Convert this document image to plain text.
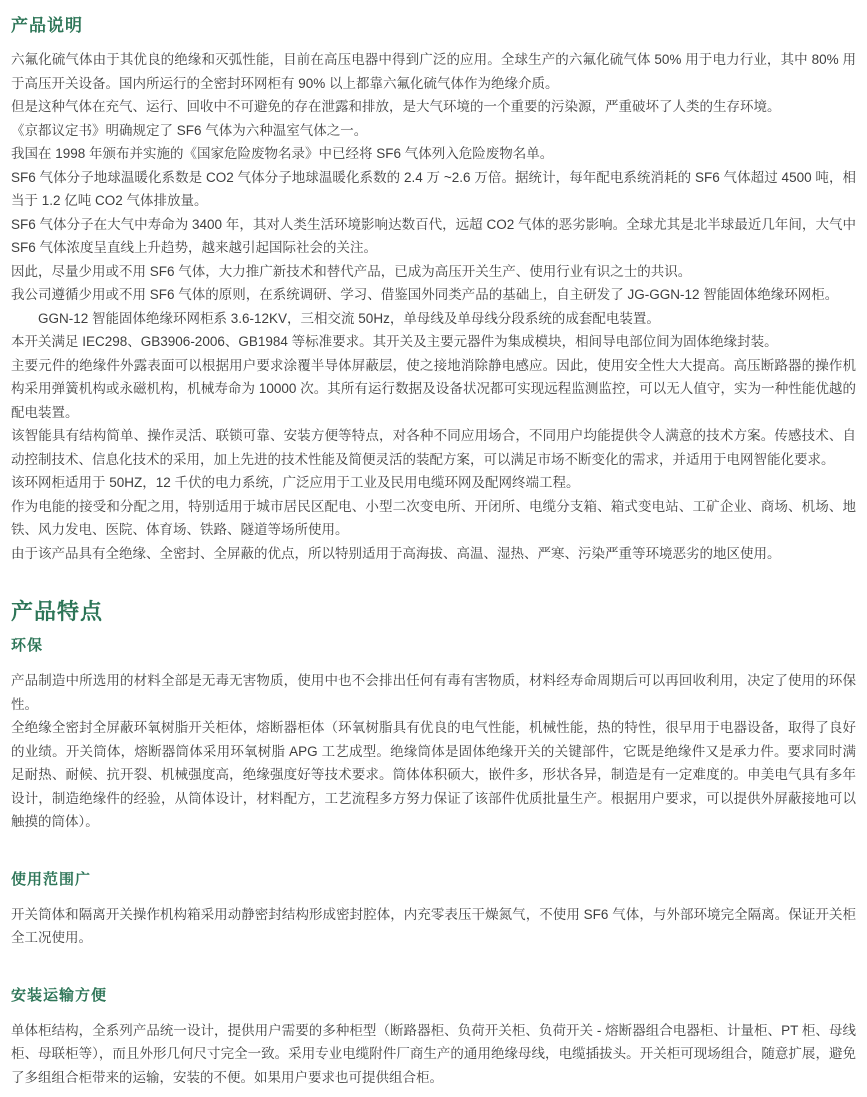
产品说明

六氟化硫气体由于其优良的绝缘和灭弧性能，目前在高压电器中得到广泛的应用。全球生产的六氟化硫气体 50% 用于电力行业，其中 80% 用于高压开关设备。国内所运行的全密封环网柜有 90% 以上都靠六氟化硫气体作为绝缘介质。

但是这种气体在充气、运行、回收中不可避免的存在泄露和排放，是大气环境的一个重要的污染源，严重破坏了人类的生存环境。

《京都议定书》明确规定了 SF6 气体为六种温室气体之一。

我国在 1998 年颁布并实施的《国家危险废物名录》中已经将 SF6 气体列入危险废物名单。

SF6 气体分子地球温暖化系数是 CO2 气体分子地球温暖化系数的 2.4 万 ~2.6 万倍。据统计，每年配电系统消耗的 SF6 气体超过 4500 吨，相当于 1.2 亿吨 CO2 气体排放量。

SF6 气体分子在大气中寿命为 3400 年，其对人类生活环境影响达数百代，远超 CO2 气体的恶劣影响。全球尤其是北半球最近几年间，大气中 SF6 气体浓度呈直线上升趋势，越来越引起国际社会的关注。

因此，尽量少用或不用 SF6 气体，大力推广新技术和替代产品，已成为高压开关生产、使用行业有识之士的共识。

我公司遵循少用或不用 SF6 气体的原则，在系统调研、学习、借鉴国外同类产品的基础上，自主研发了 JG-GGN-12 智能固体绝缘环网柜。

GGN-12 智能固体绝缘环网柜系 3.6-12KV，三相交流 50Hz，单母线及单母线分段系统的成套配电装置。

本开关满足 IEC298、GB3906-2006、GB1984 等标准要求。其开关及主要元器件为集成模块，相间导电部位间为固体绝缘封装。

主要元件的绝缘件外露表面可以根据用户要求涂覆半导体屏蔽层，使之接地消除静电感应。因此，使用安全性大大提高。高压断路器的操作机构采用弹簧机构或永磁机构，机械寿命为 10000 次。其所有运行数据及设备状况都可实现远程监测监控，可以无人值守，实为一种性能优越的配电装置。

该智能具有结构简单、操作灵活、联锁可靠、安装方便等特点，对各种不同应用场合，不同用户均能提供令人满意的技术方案。传感技术、自动控制技术、信息化技术的采用，加上先进的技术性能及简便灵活的装配方案，可以满足市场不断变化的需求，并适用于电网智能化要求。

该环网柜适用于 50HZ，12 千伏的电力系统，广泛应用于工业及民用电缆环网及配网终端工程。

作为电能的接受和分配之用，特别适用于城市居民区配电、小型二次变电所、开闭所、电缆分支箱、箱式变电站、工矿企业、商场、机场、地铁、风力发电、医院、体育场、铁路、隧道等场所使用。

由于该产品具有全绝缘、全密封、全屏蔽的优点，所以特别适用于高海拔、高温、湿热、严寒、污染严重等环境恶劣的地区使用。

产品特点
环保

产品制造中所选用的材料全部是无毒无害物质，使用中也不会排出任何有毒有害物质，材料经寿命周期后可以再回收利用，决定了使用的环保性。

全绝缘全密封全屏蔽环氧树脂开关柜体，熔断器柜体（环氧树脂具有优良的电气性能，机械性能，热的特性，很早用于电器设备，取得了良好的业绩。开关筒体，熔断器筒体采用环氧树脂 APG 工艺成型。绝缘筒体是固体绝缘开关的关键部件，它既是绝缘件又是承力件。要求同时满足耐热、耐候、抗开裂、机械强度高，绝缘强度好等技术要求。筒体体积硕大，嵌件多，形状各异，制造是有一定难度的。申美电气具有多年设计，制造绝缘件的经验，从筒体设计，材料配方，工艺流程多方努力保证了该部件优质批量生产。根据用户要求，可以提供外屏蔽接地可以触摸的筒体）。

使用范围广

开关筒体和隔离开关操作机构箱采用动静密封结构形成密封腔体，内充零表压干燥氮气，不使用 SF6 气体，与外部环境完全隔离。保证开关柜全工况使用。

安装运输方便

单体柜结构，全系列产品统一设计，提供用户需要的多种柜型（断路器柜、负荷开关柜、负荷开关 - 熔断器组合电器柜、计量柜、PT 柜、母线柜、母联柜等），而且外形几何尺寸完全一致。采用专业电缆附件厂商生产的通用绝缘母线，电缆插拔头。开关柜可现场组合，随意扩展，避免了多组组合柜带来的运输，安装的不便。如果用户要求也可提供组合柜。
